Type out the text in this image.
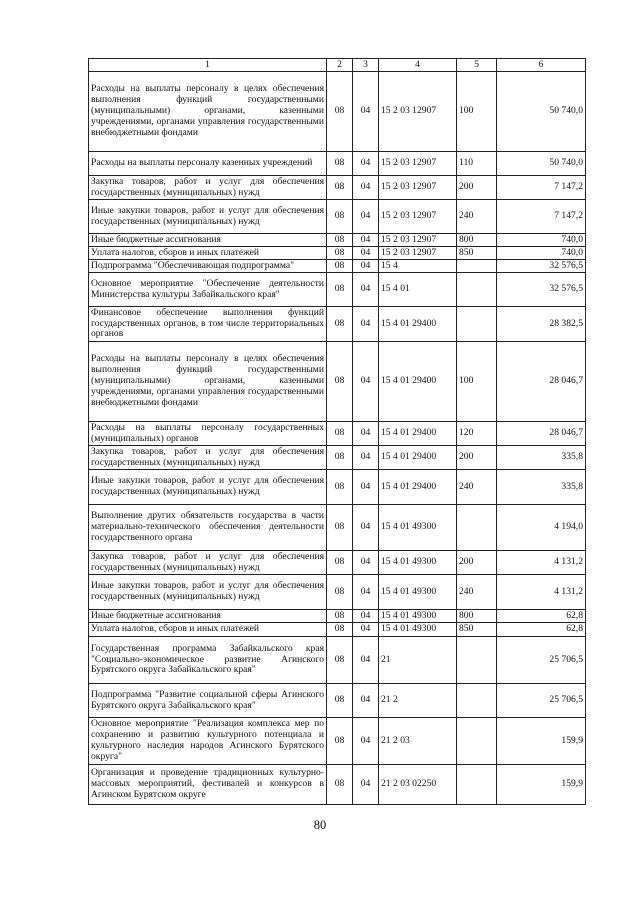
1	2	3	4	5	6
Расходы на выплаты персоналу в целях обеспечения выполнения функций государственными (муниципальными) органами, казенными учреждениями, органами управления государственными внебюджетными фондами	08	04	15 2 03 12907	100	50 740,0
Расходы на выплаты персоналу казенных учреждений	08	04	15 2 03 12907	110	50 740,0
Закупка товаров, работ и услуг для обеспечения государственных (муниципальных) нужд	08	04	15 2 03 12907	200	7 147,2
Иные закупки товаров, работ и услуг для обеспечения государственных (муниципальных) нужд	08	04	15 2 03 12907	240	7 147,2
Иные бюджетные ассигнования	08	04	15 2 03 12907	800	740,0
Уплата налогов, сборов и иных платежей	08	04	15 2 03 12907	850	740,0
Подпрограмма "Обеспечивающая подпрограмма"	08	04	15 4		32 576,5
Основное мероприятие "Обеспечение деятельности Министерства культуры Забайкальского края"	08	04	15 4 01		32 576,5
Финансовое обеспечение выполнения функций государственных органов, в том числе территориальных органов	08	04	15 4 01 29400		28 382,5
Расходы на выплаты персоналу в целях обеспечения выполнения функций государственными (муниципальными) органами, казенными учреждениями, органами управления государственными внебюджетными фондами	08	04	15 4 01 29400	100	28 046,7
Расходы на выплаты персоналу государственных (муниципальных) органов	08	04	15 4 01 29400	120	28 046,7
Закупка товаров, работ и услуг для обеспечения государственных (муниципальных) нужд	08	04	15 4 01 29400	200	335,8
Иные закупки товаров, работ и услуг для обеспечения государственных (муниципальных) нужд	08	04	15 4 01 29400	240	335,8
Выполнение других обязательств государства в части материально-технического обеспечения деятельности государственного органа	08	04	15 4 01 49300		4 194,0
Закупка товаров, работ и услуг для обеспечения государственных (муниципальных) нужд	08	04	15 4 01 49300	200	4 131,2
Иные закупки товаров, работ и услуг для обеспечения государственных (муниципальных) нужд	08	04	15 4 01 49300	240	4 131,2
Иные бюджетные ассигнования	08	04	15 4 01 49300	800	62,8
Уплата налогов, сборов и иных платежей	08	04	15 4 01 49300	850	62,8
Государственная программа Забайкальского края "Социально-экономическое развитие Агинского Бурятского округа Забайкальского края"	08	04	21		25 706,5
Подпрограмма "Развитие социальной сферы Агинского Бурятского округа Забайкальского края"	08	04	21 2		25 706,5
Основное мероприятие "Реализация комплекса мер по сохранению и развитию культурного потенциала и культурного наследия народов Агинского Бурятского округа"	08	04	21 2 03		159,9
Организация и проведение традиционных культурно-массовых мероприятий, фестивалей и конкурсов в Агинском Бурятском округе	08	04	21 2 03 02250		159,9
80
